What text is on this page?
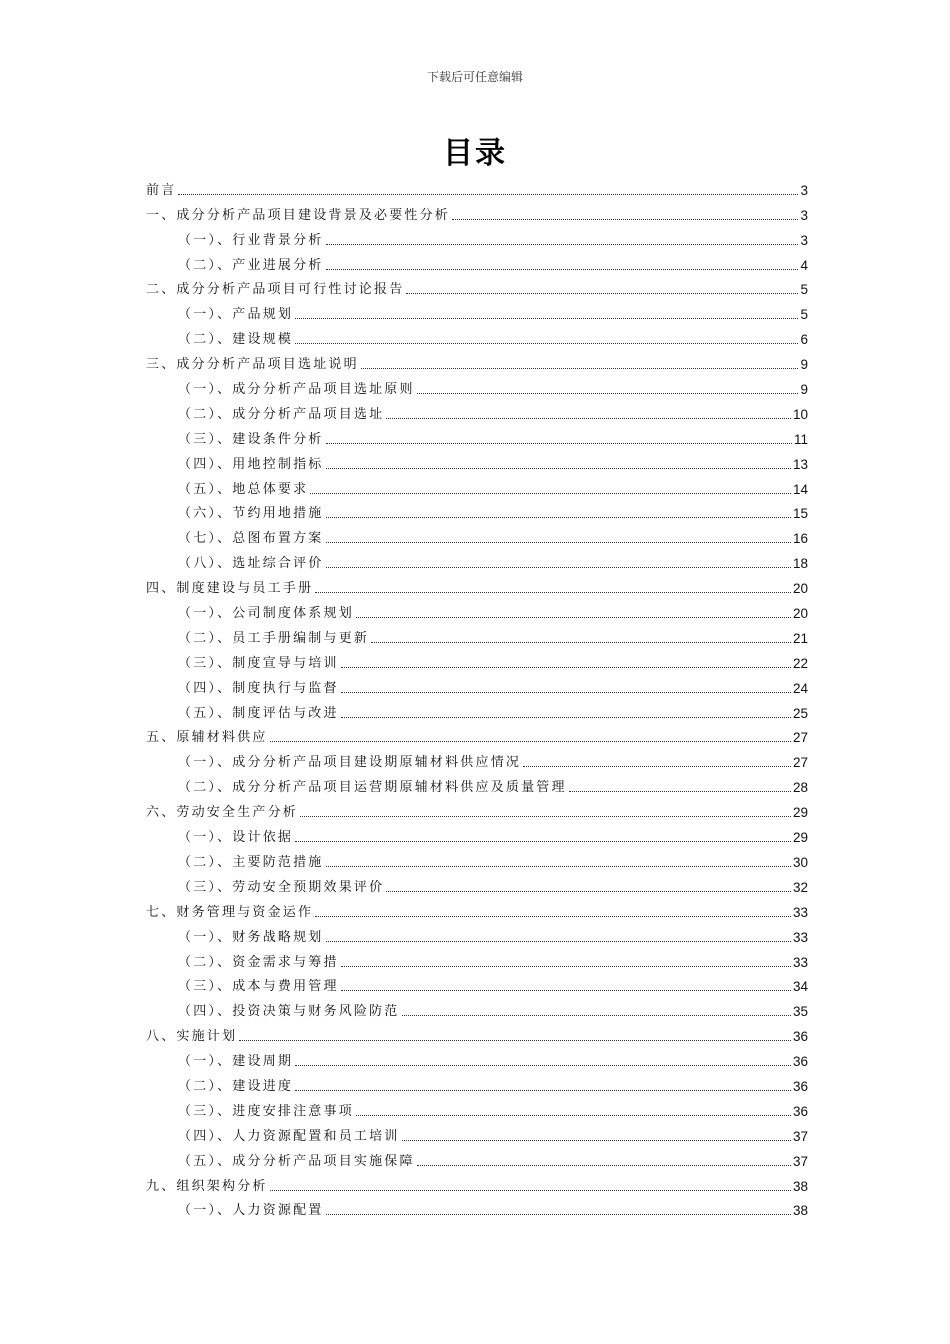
下载后可任意编辑
目录
前言	3
一、成分分析产品项目建设背景及必要性分析	3
（一）、行业背景分析	3
（二）、产业进展分析	4
二、成分分析产品项目可行性讨论报告	5
（一）、产品规划	5
（二）、建设规模	6
三、成分分析产品项目选址说明	9
（一）、成分分析产品项目选址原则	9
（二）、成分分析产品项目选址	10
（三）、建设条件分析	11
（四）、用地控制指标	13
（五）、地总体要求	14
（六）、节约用地措施	15
（七）、总图布置方案	16
（八）、选址综合评价	18
四、制度建设与员工手册	20
（一）、公司制度体系规划	20
（二）、员工手册编制与更新	21
（三）、制度宣导与培训	22
（四）、制度执行与监督	24
（五）、制度评估与改进	25
五、原辅材料供应	27
（一）、成分分析产品项目建设期原辅材料供应情况	27
（二）、成分分析产品项目运营期原辅材料供应及质量管理	28
六、劳动安全生产分析	29
（一）、设计依据	29
（二）、主要防范措施	30
（三）、劳动安全预期效果评价	32
七、财务管理与资金运作	33
（一）、财务战略规划	33
（二）、资金需求与筹措	33
（三）、成本与费用管理	34
（四）、投资决策与财务风险防范	35
八、实施计划	36
（一）、建设周期	36
（二）、建设进度	36
（三）、进度安排注意事项	36
（四）、人力资源配置和员工培训	37
（五）、成分分析产品项目实施保障	37
九、组织架构分析	38
（一）、人力资源配置	38
